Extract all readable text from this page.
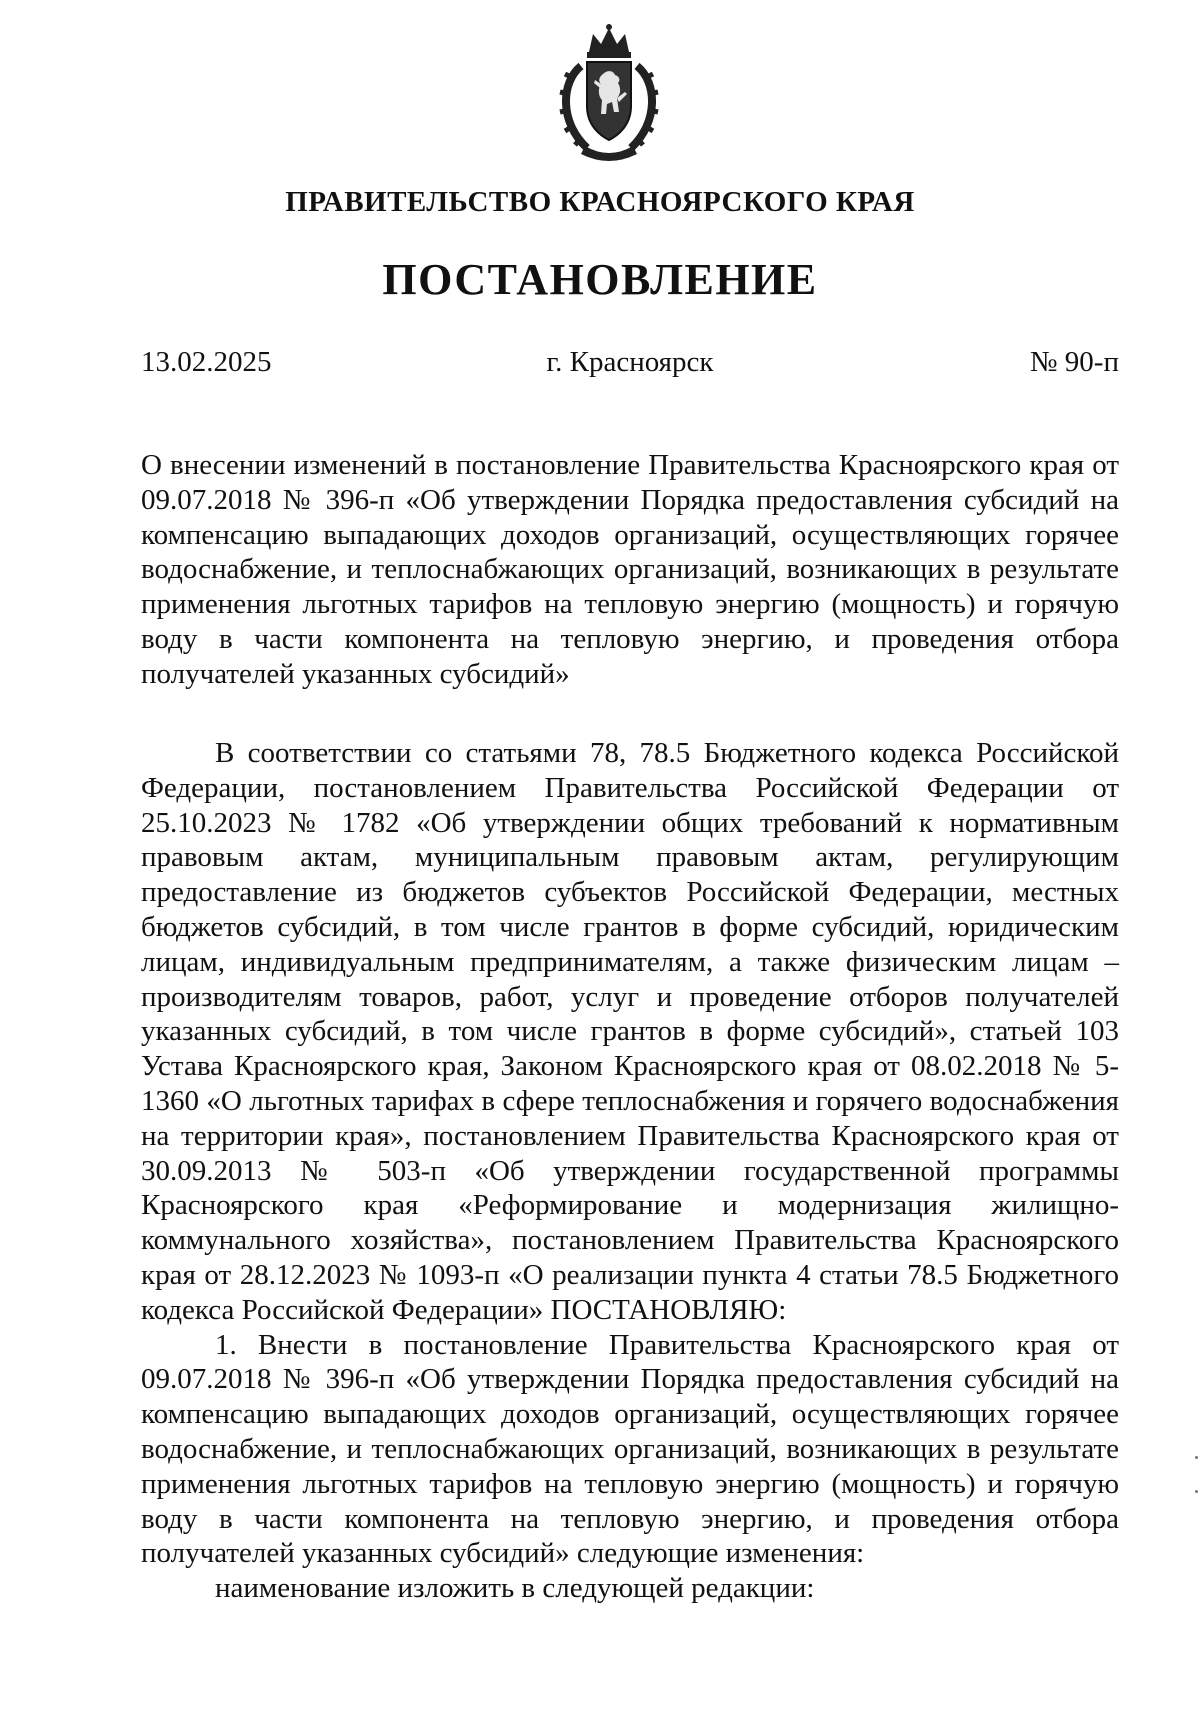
ПРАВИТЕЛЬСТВО КРАСНОЯРСКОГО КРАЯ
ПОСТАНОВЛЕНИЕ
13.02.2025	г. Красноярск	№ 90-п
О внесении изменений в постановление Правительства Красноярского края от 09.07.2018 № 396-п «Об утверждении Порядка предоставления субсидий на компенсацию выпадающих доходов организаций, осуществляющих горячее водоснабжение, и теплоснабжающих организаций, возникающих в результате применения льготных тарифов на тепловую энергию (мощность) и горячую воду в части компонента на тепловую энергию, и проведения отбора получателей указанных субсидий»

В соответствии со статьями 78, 78.5 Бюджетного кодекса Российской Федерации, постановлением Правительства Российской Федерации от 25.10.2023 № 1782 «Об утверждении общих требований к нормативным правовым актам, муниципальным правовым актам, регулирующим предоставление из бюджетов субъектов Российской Федерации, местных бюджетов субсидий, в том числе грантов в форме субсидий, юридическим лицам, индивидуальным предпринимателям, а также физическим лицам – производителям товаров, работ, услуг и проведение отборов получателей указанных субсидий, в том числе грантов в форме субсидий», статьей 103 Устава Красноярского края, Законом Красноярского края от 08.02.2018 № 5-1360 «О льготных тарифах в сфере теплоснабжения и горячего водоснабжения на территории края», постановлением Правительства Красноярского края от 30.09.2013 № 503-п «Об утверждении государственной программы Красноярского края «Реформирование и модернизация жилищно-коммунального хозяйства», постановлением Правительства Красноярского края от 28.12.2023 № 1093-п «О реализации пункта 4 статьи 78.5 Бюджетного кодекса Российской Федерации» ПОСТАНОВЛЯЮ:

1. Внести в постановление Правительства Красноярского края от 09.07.2018 № 396-п «Об утверждении Порядка предоставления субсидий на компенсацию выпадающих доходов организаций, осуществляющих горячее водоснабжение, и теплоснабжающих организаций, возникающих в результате применения льготных тарифов на тепловую энергию (мощность) и горячую воду в части компонента на тепловую энергию, и проведения отбора получателей указанных субсидий» следующие изменения:

наименование изложить в следующей редакции:
